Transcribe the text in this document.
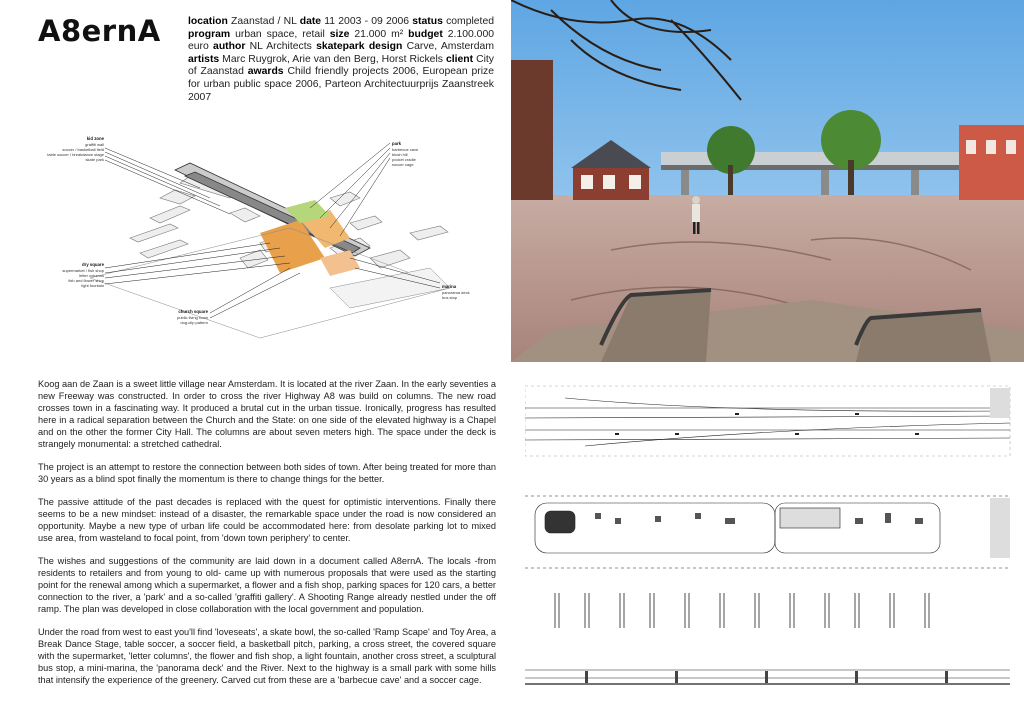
A8ernA	location Zaanstad / NL date 11 2003 - 09 2006 status completed program urban space, retail size 21.000 m² budget 2.100.000 euro author NL Architects skatepark design Carve, Amsterdam artists Marc Ruygrok, Arie van den Berg, Horst Rickels client City of Zaanstad awards Child friendly projects 2006, European prize for urban public space 2006, Parteon Architectuurprijs Zaanstreek 2007
kid zone
graffiti wall
soccer / basketball field
table soccer / breakdance stage
skate park
park
barbecue cave
blush hill
pocket cradle
soccer cage
dry square
supermarket / fish shop
letter columns
fish and flower shop
light fountain	marina
panorama deck
bus stop
church square
public living room
dog-clip pattern

Koog aan de Zaan is a sweet little village near Amsterdam. It is located at the river Zaan. In the early seventies a new Freeway was constructed. In order to cross the river Highway A8 was build on columns. The new road crosses town in a fascinating way. It produced a brutal cut in the urban tissue. Ironically, progress has resulted here in a radical separation between the Church and the State: on one side of the elevated highway is a Chapel and on the other the former City Hall. The columns are about seven meters high. The space under the deck is strangely monumental: a stretched cathedral.

The project is an attempt to restore the connection between both sides of town. After being treated for more than 30 years as a blind spot finally the momentum is there to change things for the better.

The passive attitude of the past decades is replaced with the quest for optimistic interventions. Finally there seems to be a new mindset: instead of a disaster, the remarkable space under the road is now considered an opportunity. Maybe a new type of urban life could be accommodated here: from desolate parking lot to mixed use area, from wasteland to focal point, from 'down town periphery' to center.

The wishes and suggestions of the community are laid down in a document called A8ernA. The locals -from residents to retailers and from young to old- came up with numerous proposals that were used as the starting point for the renewal among which a supermarket, a flower and a fish shop, parking spaces for 120 cars, a better connection to the river, a 'park' and a so-called 'graffiti gallery'. A Shooting Range already nestled under the off ramp. The plan was developed in close collaboration with the local government and population.

Under the road from west to east you'll find 'loveseats', a skate bowl, the so-called 'Ramp Scape' and Toy Area, a Break Dance Stage, table soccer, a soccer field, a basketball pitch, parking, a cross street, the covered square with the supermarket, 'letter columns', the flower and fish shop, a light fountain, another cross street, a sculptural bus stop, a mini-marina, the 'panorama deck' and the River. Next to the highway is a small park with some hills that intensify the experience of the greenery. Carved cut from these are a 'barbecue cave' and a soccer cage.
